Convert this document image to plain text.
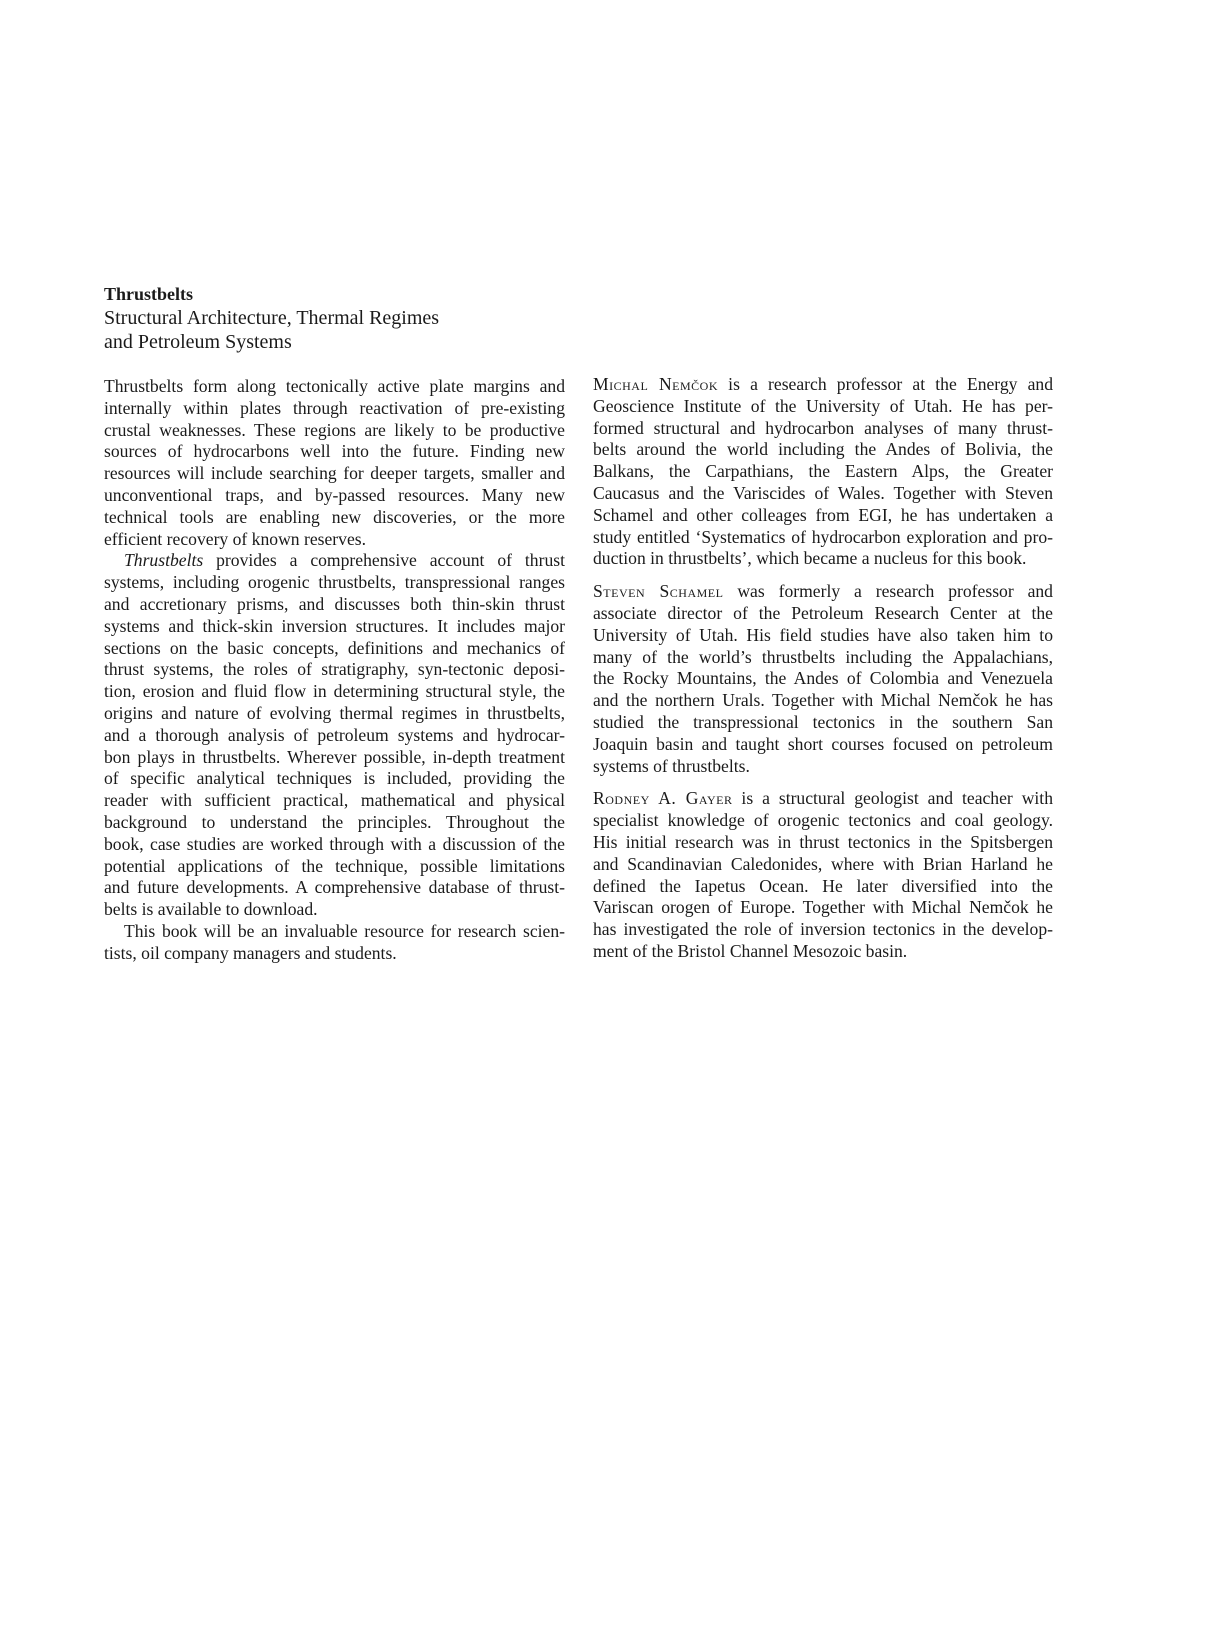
Thrustbelts
Structural Architecture, Thermal Regimes
and Petroleum Systems
Thrustbelts form along tectonically active plate margins and
internally within plates through reactivation of pre-existing
crustal weaknesses. These regions are likely to be productive
sources of hydrocarbons well into the future. Finding new
resources will include searching for deeper targets, smaller and
unconventional traps, and by-passed resources. Many new
technical tools are enabling new discoveries, or the more
efficient recovery of known reserves.
Thrustbelts provides a comprehensive account of thrust
systems, including orogenic thrustbelts, transpressional ranges
and accretionary prisms, and discusses both thin-skin thrust
systems and thick-skin inversion structures. It includes major
sections on the basic concepts, definitions and mechanics of
thrust systems, the roles of stratigraphy, syn-tectonic deposi-
tion, erosion and fluid flow in determining structural style, the
origins and nature of evolving thermal regimes in thrustbelts,
and a thorough analysis of petroleum systems and hydrocar-
bon plays in thrustbelts. Wherever possible, in-depth treatment
of specific analytical techniques is included, providing the
reader with sufficient practical, mathematical and physical
background to understand the principles. Throughout the
book, case studies are worked through with a discussion of the
potential applications of the technique, possible limitations
and future developments. A comprehensive database of thrust-
belts is available to download.
This book will be an invaluable resource for research scien-
tists, oil company managers and students.
Michal Nemčok is a research professor at the Energy and
Geoscience Institute of the University of Utah. He has per-
formed structural and hydrocarbon analyses of many thrust-
belts around the world including the Andes of Bolivia, the
Balkans, the Carpathians, the Eastern Alps, the Greater
Caucasus and the Variscides of Wales. Together with Steven
Schamel and other colleages from EGI, he has undertaken a
study entitled ‘Systematics of hydrocarbon exploration and pro-
duction in thrustbelts’, which became a nucleus for this book.
Steven Schamel was formerly a research professor and
associate director of the Petroleum Research Center at the
University of Utah. His field studies have also taken him to
many of the world’s thrustbelts including the Appalachians,
the Rocky Mountains, the Andes of Colombia and Venezuela
and the northern Urals. Together with Michal Nemčok he has
studied the transpressional tectonics in the southern San
Joaquin basin and taught short courses focused on petroleum
systems of thrustbelts.
Rodney A. Gayer is a structural geologist and teacher with
specialist knowledge of orogenic tectonics and coal geology.
His initial research was in thrust tectonics in the Spitsbergen
and Scandinavian Caledonides, where with Brian Harland he
defined the Iapetus Ocean. He later diversified into the
Variscan orogen of Europe. Together with Michal Nemčok he
has investigated the role of inversion tectonics in the develop-
ment of the Bristol Channel Mesozoic basin.
